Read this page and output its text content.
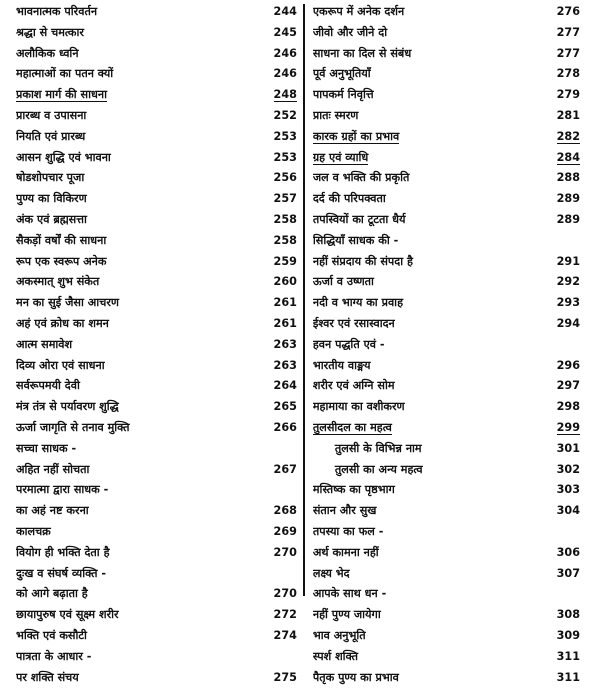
भावनात्मक परिवर्तन	244
श्रद्धा से चमत्कार	245
अलौकिक ध्वनि	246
महात्माओं का पतन क्यों	246
प्रकाश मार्ग की साधना	248
प्रारब्ध व उपासना	252
नियति एवं प्रारब्ध	253
आसन शुद्धि एवं भावना	253
षोडशोपचार पूजा	256
पुण्य का विकिरण	257
अंक एवं ब्रह्मसत्ता	258
सैकड़ों वर्षों की साधना	258
रूप एक स्वरूप अनेक	259
अकस्मात् शुभ संकेत	260
मन का सुई जैसा आचरण	261
अहं एवं क्रोध का शमन	261
आत्म समावेश	263
दिव्य ओरा एवं साधना	263
सर्वरूपमयी देवी	264
मंत्र तंत्र से पर्यावरण शुद्धि	265
ऊर्जा जागृति से तनाव मुक्ति	266
सच्चा साधक -
अहित नहीं सोचता	267
परमात्मा द्वारा साधक -
का अहं नष्ट करना	268
कालचक्र	269
वियोग ही भक्ति देता है	270
दुःख व संघर्ष व्यक्ति -
को आगे बढ़ाता है	270
छायापुरुष एवं सूक्ष्म शरीर	272
भक्ति एवं कसौटी	274
पात्रता के आधार -
पर शक्ति संचय	275
एकरूप में अनेक दर्शन	276
जीवो और जीने दो	277
साधना का दिल से संबंध	277
पूर्व अनुभूतियाँ	278
पापकर्म निवृत्ति	279
प्रातः स्मरण	281
कारक ग्रहों का प्रभाव	282
ग्रह एवं व्याधि	284
जल व भक्ति की प्रकृति	288
दर्द की परिपक्वता	289
तपस्वियों का टूटता धैर्य	289
सिद्धियाँ साधक की -
नहीं संप्रदाय की संपदा है	291
ऊर्जा व उष्णता	292
नदी व भाग्य का प्रवाह	293
ईश्वर एवं रसास्वादन	294
हवन पद्धति एवं -
भारतीय वाङ्मय	296
शरीर एवं अग्नि सोम	297
महामाया का वशीकरण	298
तुलसीदल का महत्व	299
तुलसी के विभिन्न नाम	301
तुलसी का अन्य महत्व	302
मस्तिष्क का पृष्ठभाग	303
संतान और सुख	304
तपस्या का फल -
अर्थ कामना नहीं	306
लक्ष्य भेद	307
आपके साथ धन -
नहीं पुण्य जायेगा	308
भाव अनुभूति	309
स्पर्श शक्ति	311
पैतृक पुण्य का प्रभाव	311
